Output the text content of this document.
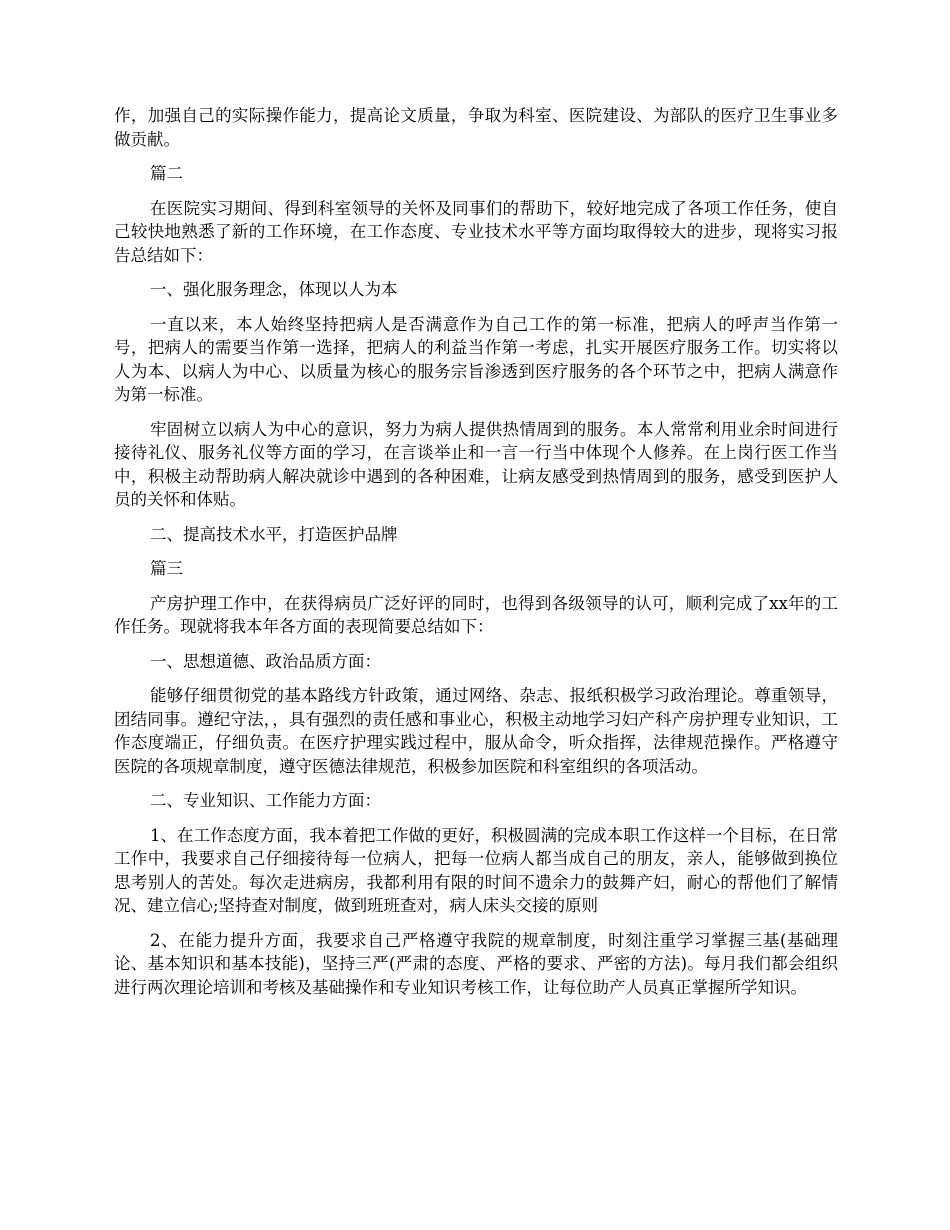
作，加强自己的实际操作能力，提高论文质量，争取为科室、医院建设、为部队的医疗卫生事业多做贡献。

篇二

在医院实习期间、得到科室领导的关怀及同事们的帮助下，较好地完成了各项工作任务，使自己较快地熟悉了新的工作环境，在工作态度、专业技术水平等方面均取得较大的进步，现将实习报告总结如下：

一、强化服务理念，体现以人为本

一直以来，本人始终坚持把病人是否满意作为自己工作的第一标准，把病人的呼声当作第一号，把病人的需要当作第一选择，把病人的利益当作第一考虑，扎实开展医疗服务工作。切实将以人为本、以病人为中心、以质量为核心的服务宗旨渗透到医疗服务的各个环节之中，把病人满意作为第一标准。

牢固树立以病人为中心的意识，努力为病人提供热情周到的服务。本人常常利用业余时间进行接待礼仪、服务礼仪等方面的学习，在言谈举止和一言一行当中体现个人修养。在上岗行医工作当中，积极主动帮助病人解决就诊中遇到的各种困难，让病友感受到热情周到的服务，感受到医护人员的关怀和体贴。

二、提高技术水平，打造医护品牌

篇三

产房护理工作中，在获得病员广泛好评的同时，也得到各级领导的认可，顺利完成了xx年的工作任务。现就将我本年各方面的表现简要总结如下：

一、思想道德、政治品质方面：

能够仔细贯彻党的基本路线方针政策，通过网络、杂志、报纸积极学习政治理论。尊重领导，团结同事。遵纪守法，，具有强烈的责任感和事业心，积极主动地学习妇产科产房护理专业知识，工作态度端正，仔细负责。在医疗护理实践过程中，服从命令，听众指挥，法律规范操作。严格遵守医院的各项规章制度，遵守医德法律规范，积极参加医院和科室组织的各项活动。

二、专业知识、工作能力方面：

1、在工作态度方面，我本着把工作做的更好，积极圆满的完成本职工作这样一个目标，在日常工作中，我要求自己仔细接待每一位病人，把每一位病人都当成自己的朋友，亲人，能够做到换位思考别人的苦处。每次走进病房，我都利用有限的时间不遗余力的鼓舞产妇，耐心的帮他们了解情况、建立信心;坚持查对制度，做到班班查对，病人床头交接的原则

2、在能力提升方面，我要求自己严格遵守我院的规章制度，时刻注重学习掌握三基(基础理论、基本知识和基本技能)，坚持三严(严肃的态度、严格的要求、严密的方法)。每月我们都会组织进行两次理论培训和考核及基础操作和专业知识考核工作，让每位助产人员真正掌握所学知识。
